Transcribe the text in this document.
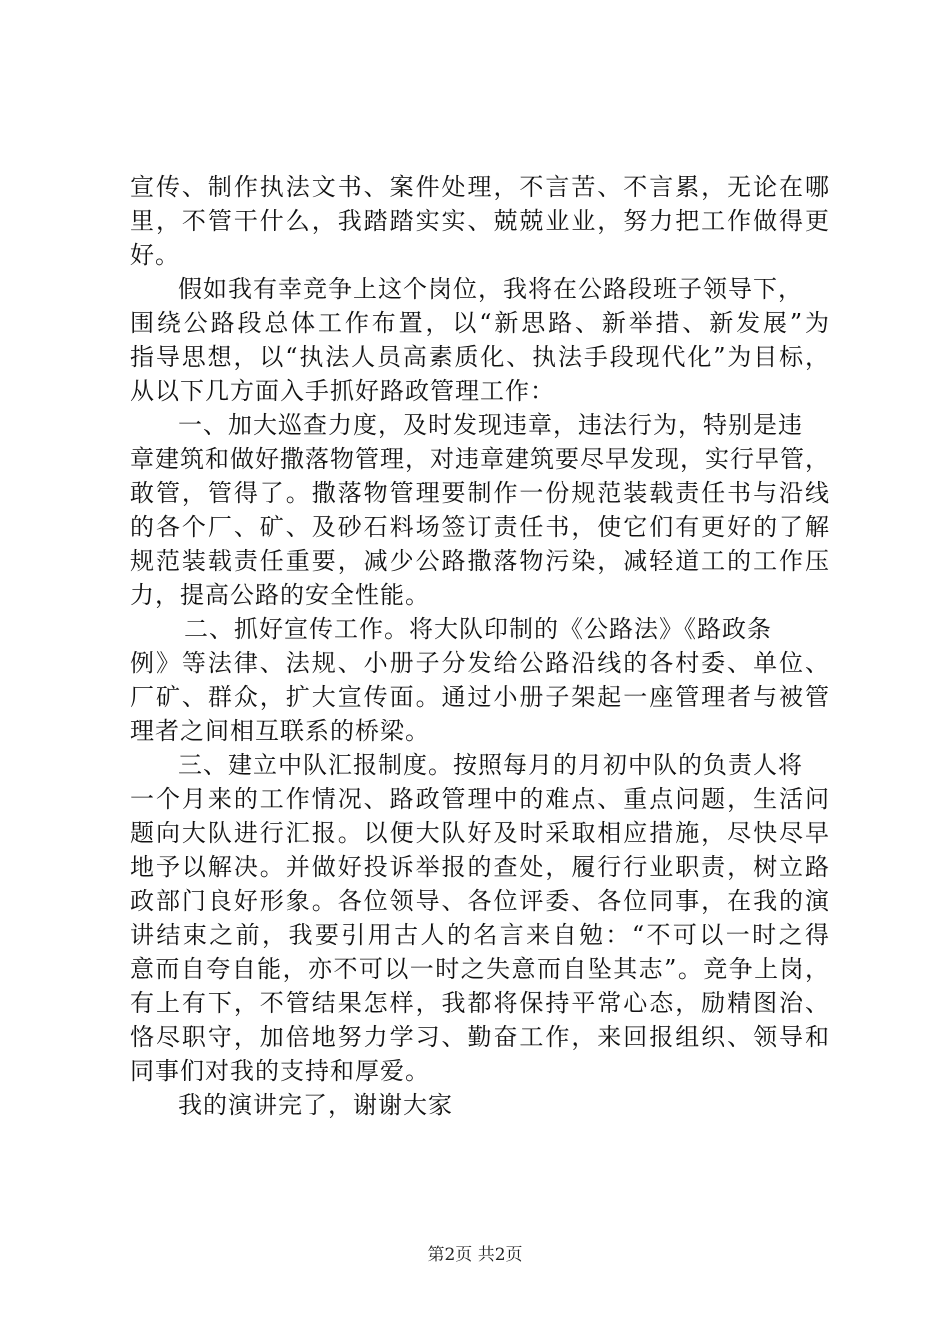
宣传、制作执法文书、案件处理，不言苦、不言累，无论在哪
里，不管干什么，我踏踏实实、兢兢业业，努力把工作做得更
好。
假如我有幸竞争上这个岗位，我将在公路段班子领导下，
围绕公路段总体工作布置，以“新思路、新举措、新发展”为
指导思想，以“执法人员高素质化、执法手段现代化”为目标，
从以下几方面入手抓好路政管理工作：
一、加大巡查力度，及时发现违章，违法行为，特别是违
章建筑和做好撒落物管理，对违章建筑要尽早发现，实行早管，
敢管，管得了。撒落物管理要制作一份规范装载责任书与沿线
的各个厂、矿、及砂石料场签订责任书，使它们有更好的了解
规范装载责任重要，减少公路撒落物污染，减轻道工的工作压
力，提高公路的安全性能。
二、抓好宣传工作。将大队印制的《公路法》《路政条
例》等法律、法规、小册子分发给公路沿线的各村委、单位、
厂矿、群众，扩大宣传面。通过小册子架起一座管理者与被管
理者之间相互联系的桥梁。
三、建立中队汇报制度。按照每月的月初中队的负责人将
一个月来的工作情况、路政管理中的难点、重点问题，生活问
题向大队进行汇报。以便大队好及时采取相应措施，尽快尽早
地予以解决。并做好投诉举报的查处，履行行业职责，树立路
政部门良好形象。各位领导、各位评委、各位同事，在我的演
讲结束之前，我要引用古人的名言来自勉：“不可以一时之得
意而自夸自能，亦不可以一时之失意而自坠其志”。竞争上岗，
有上有下，不管结果怎样，我都将保持平常心态，励精图治、
恪尽职守，加倍地努力学习、勤奋工作，来回报组织、领导和
同事们对我的支持和厚爱。
我的演讲完了，谢谢大家
第2页 共2页
